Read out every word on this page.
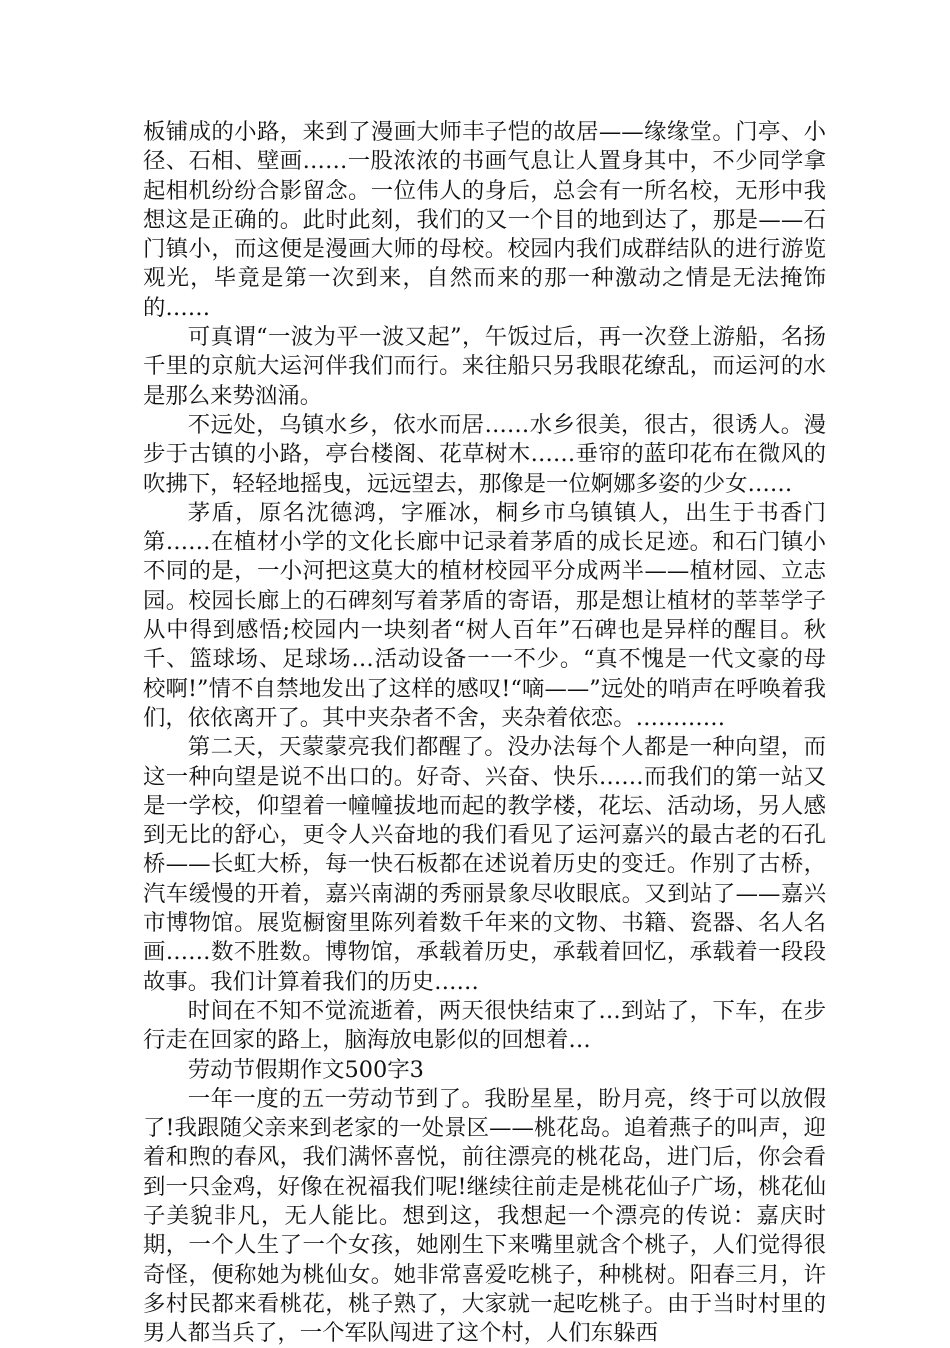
板铺成的小路，来到了漫画大师丰子恺的故居——缘缘堂。门亭、小径、石相、壁画……一股浓浓的书画气息让人置身其中，不少同学拿起相机纷纷合影留念。一位伟人的身后，总会有一所名校，无形中我想这是正确的。此时此刻，我们的又一个目的地到达了，那是——石门镇小，而这便是漫画大师的母校。校园内我们成群结队的进行游览观光，毕竟是第一次到来，自然而来的那一种激动之情是无法掩饰的……

可真谓“一波为平一波又起”，午饭过后，再一次登上游船，名扬千里的京航大运河伴我们而行。来往船只另我眼花缭乱，而运河的水是那么来势汹涌。

不远处，乌镇水乡，依水而居……水乡很美，很古，很诱人。漫步于古镇的小路，亭台楼阁、花草树木……垂帘的蓝印花布在微风的吹拂下，轻轻地摇曳，远远望去，那像是一位婀娜多姿的少女……

茅盾，原名沈德鸿，字雁冰，桐乡市乌镇镇人，出生于书香门第……在植材小学的文化长廊中记录着茅盾的成长足迹。和石门镇小不同的是，一小河把这莫大的植材校园平分成两半——植材园、立志园。校园长廊上的石碑刻写着茅盾的寄语，那是想让植材的莘莘学子从中得到感悟;校园内一块刻者“树人百年”石碑也是异样的醒目。秋千、篮球场、足球场…活动设备一一不少。“真不愧是一代文豪的母校啊!”情不自禁地发出了这样的感叹!“嘀——”远处的哨声在呼唤着我们，依依离开了。其中夹杂者不舍，夹杂着依恋。…………

第二天，天蒙蒙亮我们都醒了。没办法每个人都是一种向望，而这一种向望是说不出口的。好奇、兴奋、快乐……而我们的第一站又是一学校，仰望着一幢幢拔地而起的教学楼，花坛、活动场，另人感到无比的舒心，更令人兴奋地的我们看见了运河嘉兴的最古老的石孔桥——长虹大桥，每一快石板都在述说着历史的变迁。作别了古桥，汽车缓慢的开着，嘉兴南湖的秀丽景象尽收眼底。又到站了——嘉兴市博物馆。展览橱窗里陈列着数千年来的文物、书籍、瓷器、名人名画……数不胜数。博物馆，承载着历史，承载着回忆，承载着一段段故事。我们计算着我们的历史……

时间在不知不觉流逝着，两天很快结束了…到站了，下车，在步行走在回家的路上，脑海放电影似的回想着…

劳动节假期作文500字3

一年一度的五一劳动节到了。我盼星星，盼月亮，终于可以放假了!我跟随父亲来到老家的一处景区——桃花岛。追着燕子的叫声，迎着和煦的春风，我们满怀喜悦，前往漂亮的桃花岛，进门后，你会看到一只金鸡，好像在祝福我们呢!继续往前走是桃花仙子广场，桃花仙子美貌非凡，无人能比。想到这，我想起一个漂亮的传说：嘉庆时期，一个人生了一个女孩，她刚生下来嘴里就含个桃子，人们觉得很奇怪，便称她为桃仙女。她非常喜爱吃桃子，种桃树。阳春三月，许多村民都来看桃花，桃子熟了，大家就一起吃桃子。由于当时村里的男人都当兵了，一个军队闯进了这个村，人们东躲西
